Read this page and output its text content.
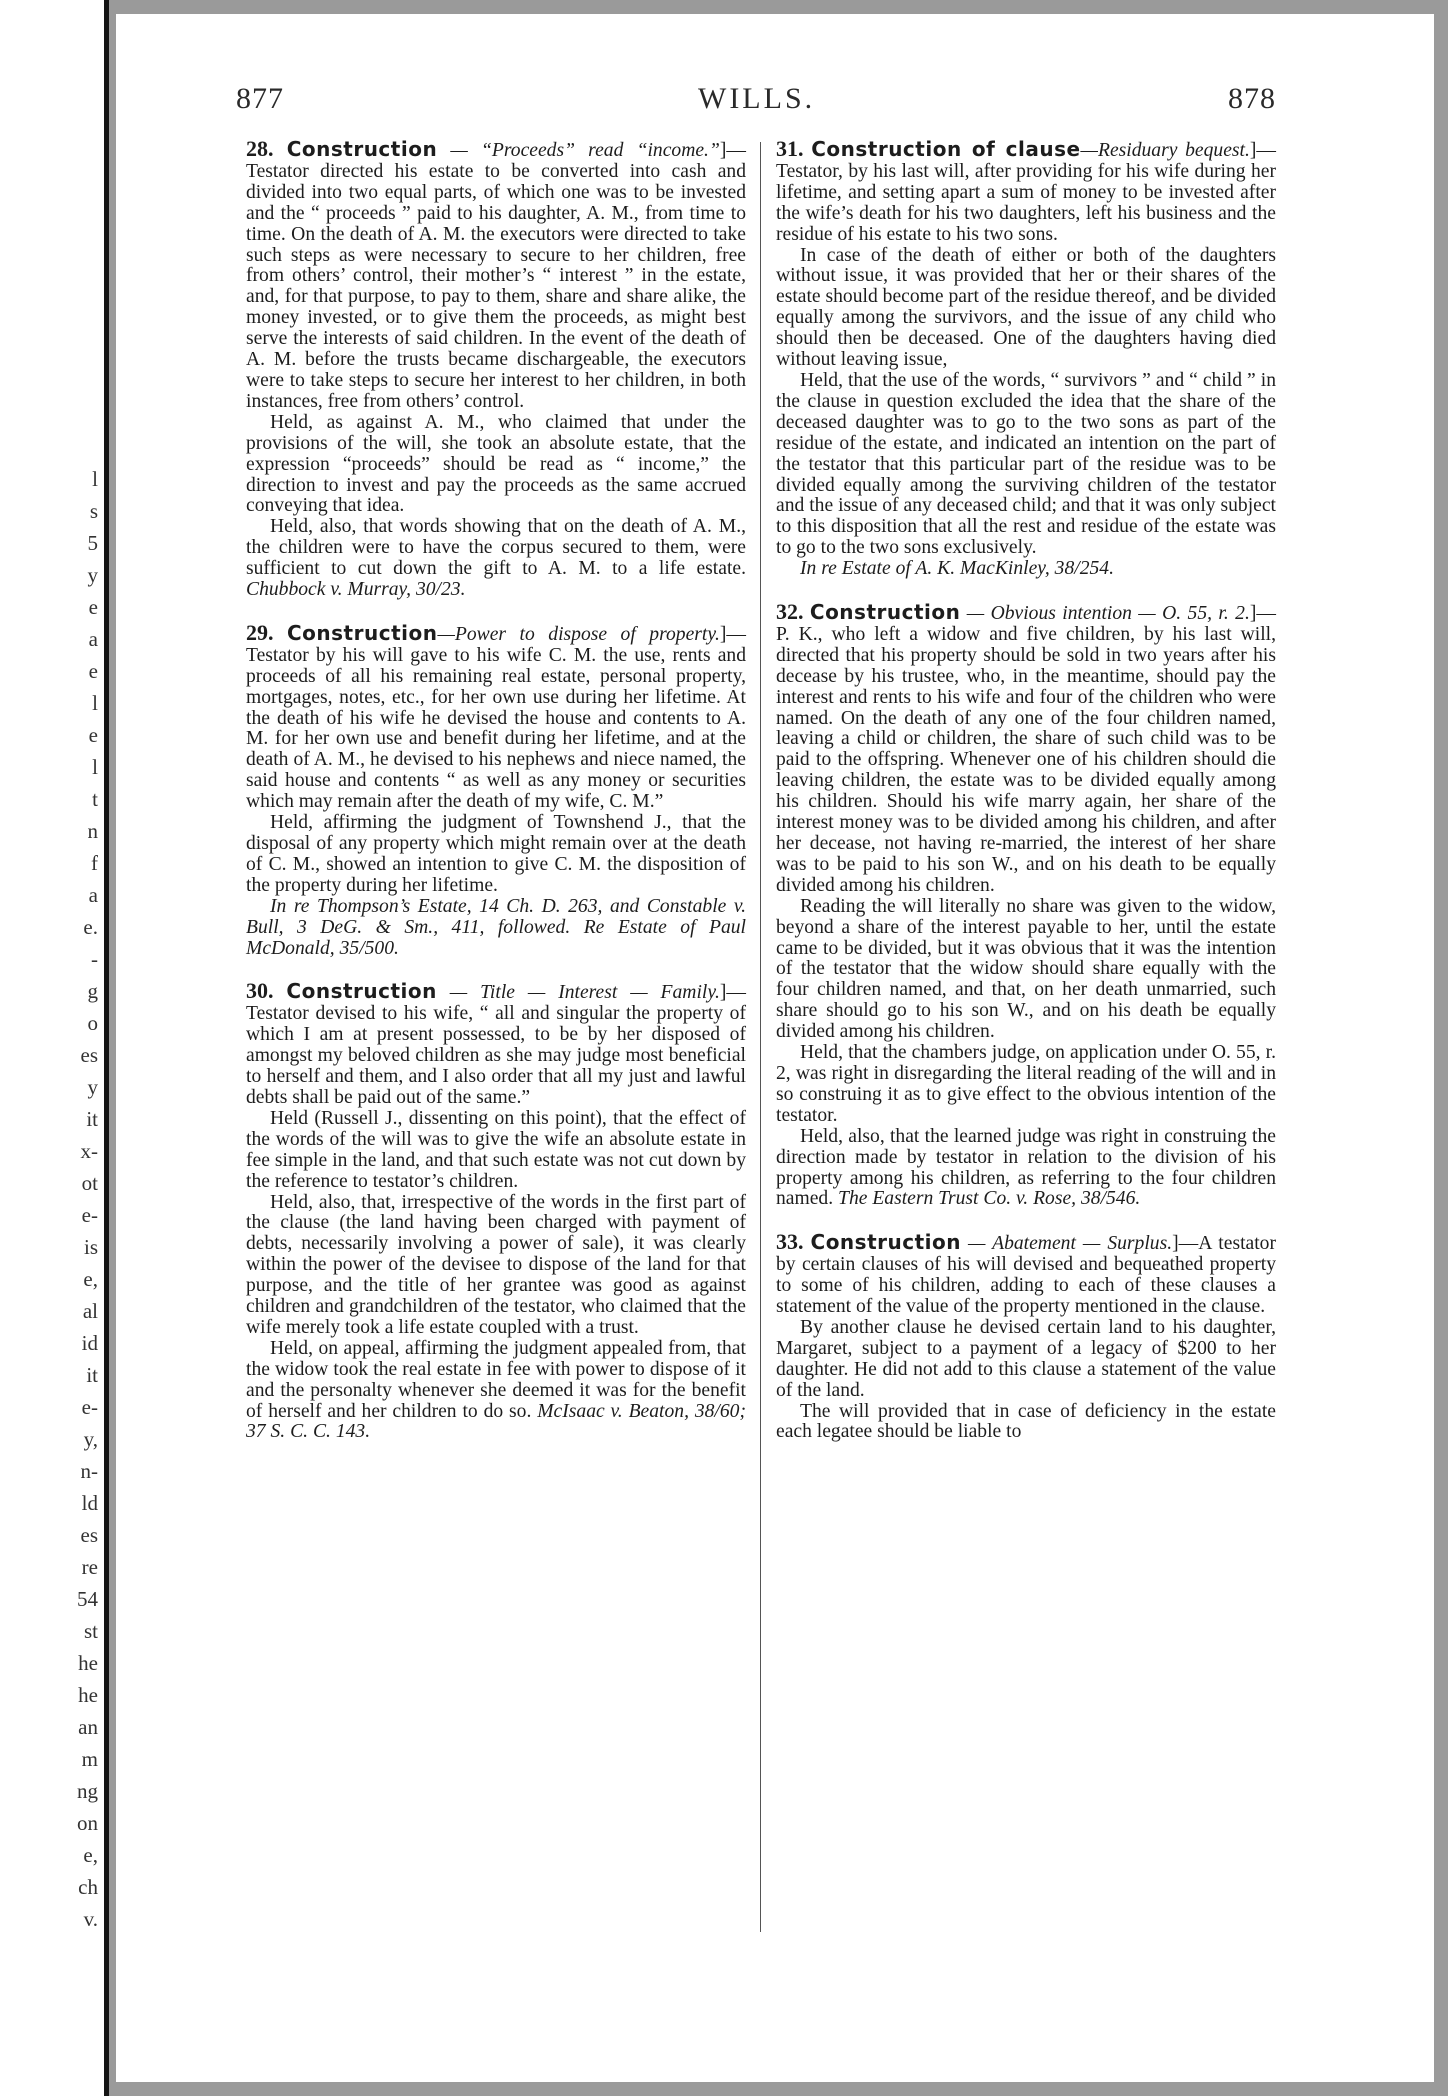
l
s
5
y
e
a
e
l
e
l
t
n
f
a
e.
-
g
o
es
y
it
x-
ot
e-
is
e,
al
id
it
e-
y,
n-
ld
es
re
54
st
he
he
an
m
ng
on
e,
ch
v.
877	WILLS.	878

28. Construction — “Proceeds” read “income.”]—Testator directed his estate to be converted into cash and divided into two equal parts, of which one was to be invested and the “ proceeds ” paid to his daughter, A. M., from time to time. On the death of A. M. the executors were directed to take such steps as were necessary to secure to her children, free from others’ control, their mother’s “ interest ” in the estate, and, for that purpose, to pay to them, share and share alike, the money invested, or to give them the proceeds, as might best serve the interests of said children. In the event of the death of A. M. before the trusts became dischargeable, the executors were to take steps to secure her interest to her children, in both instances, free from others’ control.

Held, as against A. M., who claimed that under the provisions of the will, she took an absolute estate, that the expression “proceeds” should be read as “ income,” the direction to invest and pay the proceeds as the same accrued conveying that idea.

Held, also, that words showing that on the death of A. M., the children were to have the corpus secured to them, were sufficient to cut down the gift to A. M. to a life estate. Chubbock v. Murray, 30/23.

29. Construction—Power to dispose of property.]—Testator by his will gave to his wife C. M. the use, rents and proceeds of all his remaining real estate, personal property, mortgages, notes, etc., for her own use during her lifetime. At the death of his wife he devised the house and contents to A. M. for her own use and benefit during her lifetime, and at the death of A. M., he devised to his nephews and niece named, the said house and contents “ as well as any money or securities which may remain after the death of my wife, C. M.”

Held, affirming the judgment of Townshend J., that the disposal of any property which might remain over at the death of C. M., showed an intention to give C. M. the disposition of the property during her lifetime.

In re Thompson’s Estate, 14 Ch. D. 263, and Constable v. Bull, 3 DeG. & Sm., 411, followed. Re Estate of Paul McDonald, 35/500.

30. Construction — Title — Interest — Family.]—Testator devised to his wife, “ all and singular the property of which I am at present possessed, to be by her disposed of amongst my beloved children as she may judge most beneficial to herself and them, and I also order that all my just and lawful debts shall be paid out of the same.”

Held (Russell J., dissenting on this point), that the effect of the words of the will was to give the wife an absolute estate in fee simple in the land, and that such estate was not cut down by the reference to testator’s children.

Held, also, that, irrespective of the words in the first part of the clause (the land having been charged with payment of debts, necessarily involving a power of sale), it was clearly within the power of the devisee to dispose of the land for that purpose, and the title of her grantee was good as against children and grandchildren of the testator, who claimed that the wife merely took a life estate coupled with a trust.

Held, on appeal, affirming the judgment appealed from, that the widow took the real estate in fee with power to dispose of it and the personalty whenever she deemed it was for the benefit of herself and her children to do so. McIsaac v. Beaton, 38/60; 37 S. C. C. 143.

31. Construction of clause—Residuary bequest.]—Testator, by his last will, after providing for his wife during her lifetime, and setting apart a sum of money to be invested after the wife’s death for his two daughters, left his business and the residue of his estate to his two sons.

In case of the death of either or both of the daughters without issue, it was provided that her or their shares of the estate should become part of the residue thereof, and be divided equally among the survivors, and the issue of any child who should then be deceased. One of the daughters having died without leaving issue,

Held, that the use of the words, “ survivors ” and “ child ” in the clause in question excluded the idea that the share of the deceased daughter was to go to the two sons as part of the residue of the estate, and indicated an intention on the part of the testator that this particular part of the residue was to be divided equally among the surviving children of the testator and the issue of any deceased child; and that it was only subject to this disposition that all the rest and residue of the estate was to go to the two sons exclusively.

In re Estate of A. K. MacKinley, 38/254.

32. Construction — Obvious intention — O. 55, r. 2.]—P. K., who left a widow and five children, by his last will, directed that his property should be sold in two years after his decease by his trustee, who, in the meantime, should pay the interest and rents to his wife and four of the children who were named. On the death of any one of the four children named, leaving a child or children, the share of such child was to be paid to the offspring. Whenever one of his children should die leaving children, the estate was to be divided equally among his children. Should his wife marry again, her share of the interest money was to be divided among his children, and after her decease, not having re-married, the interest of her share was to be paid to his son W., and on his death to be equally divided among his children.

Reading the will literally no share was given to the widow, beyond a share of the interest payable to her, until the estate came to be divided, but it was obvious that it was the intention of the testator that the widow should share equally with the four children named, and that, on her death unmarried, such share should go to his son W., and on his death be equally divided among his children.

Held, that the chambers judge, on application under O. 55, r. 2, was right in disregarding the literal reading of the will and in so construing it as to give effect to the obvious intention of the testator.

Held, also, that the learned judge was right in construing the direction made by testator in relation to the division of his property among his children, as referring to the four children named. The Eastern Trust Co. v. Rose, 38/546.

33. Construction — Abatement — Surplus.]—A testator by certain clauses of his will devised and bequeathed property to some of his children, adding to each of these clauses a statement of the value of the property mentioned in the clause.

By another clause he devised certain land to his daughter, Margaret, subject to a payment of a legacy of $200 to her daughter. He did not add to this clause a statement of the value of the land.

The will provided that in case of deficiency in the estate each legatee should be liable to
